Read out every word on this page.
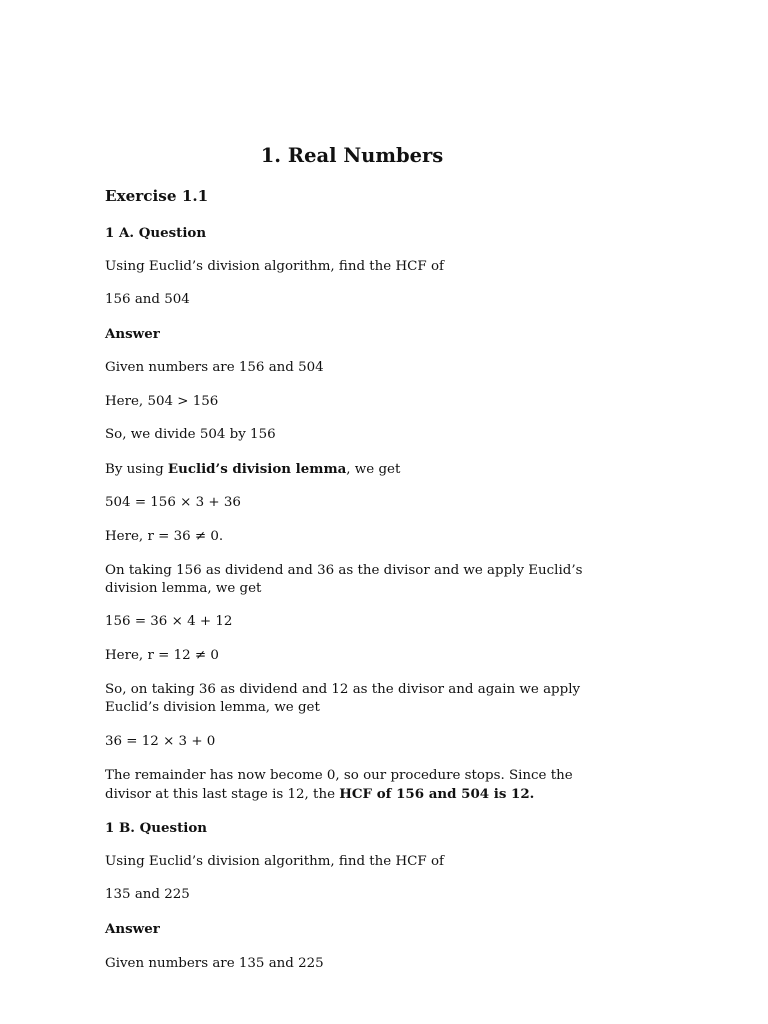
1. Real Numbers

Exercise 1.1

1 A. Question

Using Euclid’s division algorithm, find the HCF of

156 and 504

Answer

Given numbers are 156 and 504

Here, 504 > 156

So, we divide 504 by 156

By using Euclid’s division lemma, we get

504 = 156 × 3 + 36

Here, r = 36 ≠ 0.

On taking 156 as dividend and 36 as the divisor and we apply Euclid’s division lemma, we get

156 = 36 × 4 + 12

Here, r = 12 ≠ 0

So, on taking 36 as dividend and 12 as the divisor and again we apply Euclid’s division lemma, we get

36 = 12 × 3 + 0

The remainder has now become 0, so our procedure stops. Since the divisor at this last stage is 12, the HCF of 156 and 504 is 12.

1 B. Question

Using Euclid’s division algorithm, find the HCF of

135 and 225

Answer

Given numbers are 135 and 225
